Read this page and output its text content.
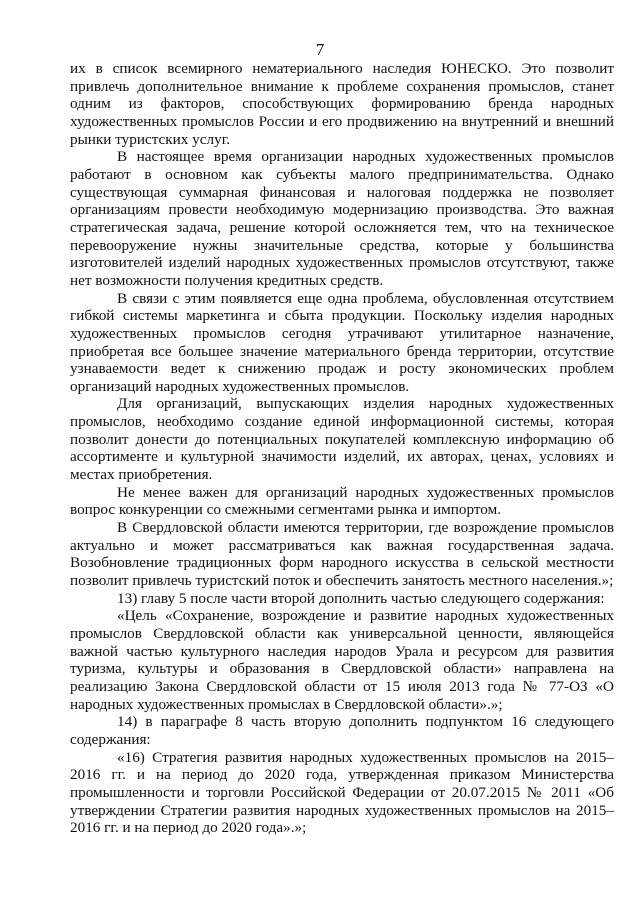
7

их в список всемирного нематериального наследия ЮНЕСКО. Это позволит привлечь дополнительное внимание к проблеме сохранения промыслов, станет одним из факторов, способствующих формированию бренда народных художественных промыслов России и его продвижению на внутренний и внешний рынки туристских услуг.

В настоящее время организации народных художественных промыслов работают в основном как субъекты малого предпринимательства. Однако существующая суммарная финансовая и налоговая поддержка не позволяет организациям провести необходимую модернизацию производства. Это важная стратегическая задача, решение которой осложняется тем, что на техническое перевооружение нужны значительные средства, которые у большинства изготовителей изделий народных художественных промыслов отсутствуют, также нет возможности получения кредитных средств.

В связи с этим появляется еще одна проблема, обусловленная отсутствием гибкой системы маркетинга и сбыта продукции. Поскольку изделия народных художественных промыслов сегодня утрачивают утилитарное назначение, приобретая все большее значение материального бренда территории, отсутствие узнаваемости ведет к снижению продаж и росту экономических проблем организаций народных художественных промыслов.

Для организаций, выпускающих изделия народных художественных промыслов, необходимо создание единой информационной системы, которая позволит донести до потенциальных покупателей комплексную информацию об ассортименте и культурной значимости изделий, их авторах, ценах, условиях и местах приобретения.

Не менее важен для организаций народных художественных промыслов вопрос конкуренции со смежными сегментами рынка и импортом.

В Свердловской области имеются территории, где возрождение промыслов актуально и может рассматриваться как важная государственная задача. Возобновление традиционных форм народного искусства в сельской местности позволит привлечь туристский поток и обеспечить занятость местного населения.»;

13) главу 5 после части второй дополнить частью следующего содержания:

«Цель «Сохранение, возрождение и развитие народных художественных промыслов Свердловской области как универсальной ценности, являющейся важной частью культурного наследия народов Урала и ресурсом для развития туризма, культуры и образования в Свердловской области» направлена на реализацию Закона Свердловской области от 15 июля 2013 года № 77-ОЗ «О народных художественных промыслах в Свердловской области».»;

14) в параграфе 8 часть вторую дополнить подпунктом 16 следующего содержания:

«16) Стратегия развития народных художественных промыслов на 2015–2016 гг. и на период до 2020 года, утвержденная приказом Министерства промышленности и торговли Российской Федерации от 20.07.2015 № 2011 «Об утверждении Стратегии развития народных художественных промыслов на 2015–2016 гг. и на период до 2020 года».»;
